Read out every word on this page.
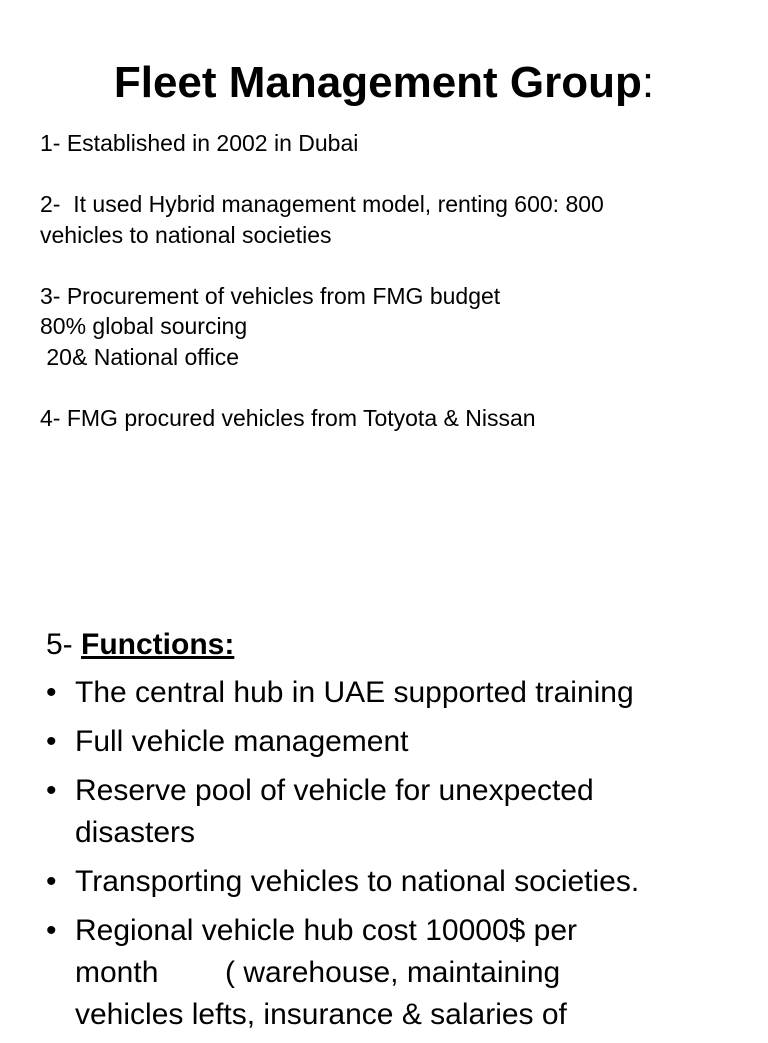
Fleet Management Group:
1- Established in 2002 in Dubai
2-  It used Hybrid management model, renting 600: 800
vehicles to national societies
3- Procurement of vehicles from FMG budget
80% global sourcing
20& National office
4- FMG procured vehicles from Totyota & Nissan
5- Functions:
• The central hub in UAE supported training
• Full vehicle management
• Reserve pool of vehicle for unexpected
disasters
• Transporting vehicles to national societies.
• Regional vehicle hub cost 10000$ per
month        ( warehouse, maintaining
vehicles lefts, insurance & salaries of
